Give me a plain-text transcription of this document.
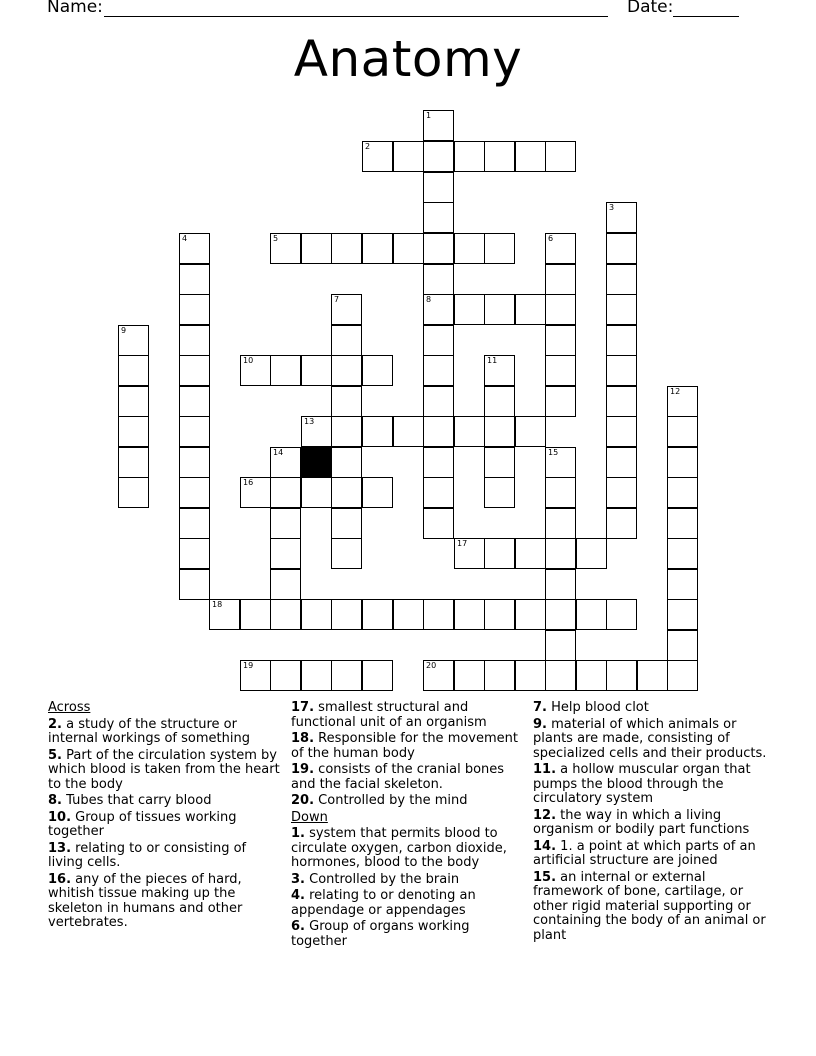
Name:	Date:
Anatomy
1
2
3
4	5	6
7	8
9
10	11
12
13
14	15
16
17
18
19	20
Across
2. a study of the structure or internal workings of something
5. Part of the circulation system by which blood is taken from the heart to the body
8. Tubes that carry blood
10. Group of tissues working together
13. relating to or consisting of living cells.
16. any of the pieces of hard, whitish tissue making up the skeleton in humans and other vertebrates.
17. smallest structural and functional unit of an organism
18. Responsible for the movement of the human body
19. consists of the cranial bones and the facial skeleton.
20. Controlled by the mind
Down
1. system that permits blood to circulate oxygen, carbon dioxide, hormones, blood to the body
3. Controlled by the brain
4. relating to or denoting an appendage or appendages
6. Group of organs working together
7. Help blood clot
9. material of which animals or plants are made, consisting of specialized cells and their products.
11. a hollow muscular organ that pumps the blood through the circulatory system
12. the way in which a living organism or bodily part functions
14. 1. a point at which parts of an artificial structure are joined
15. an internal or external framework of bone, cartilage, or other rigid material supporting or containing the body of an animal or plant
